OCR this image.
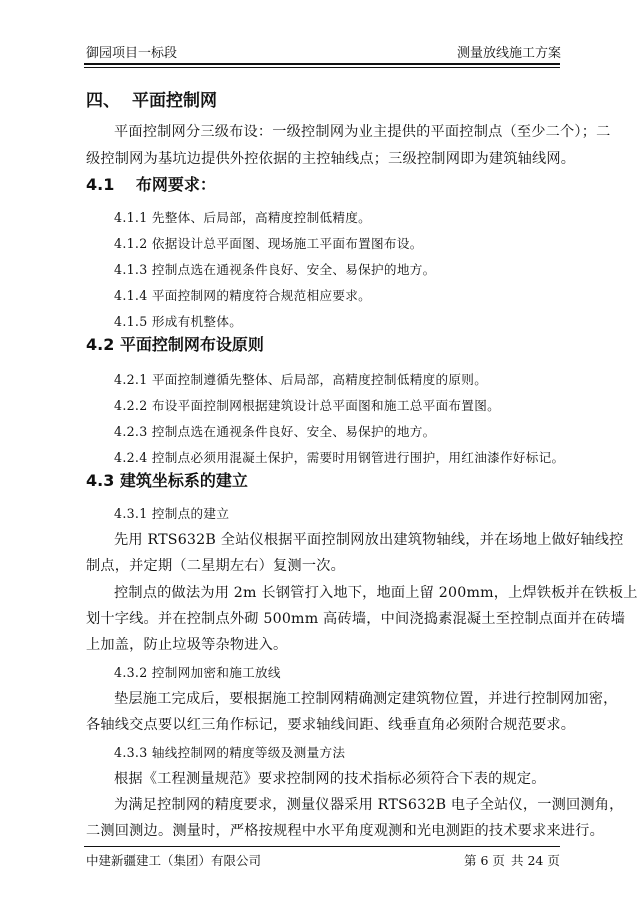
御园项目一标段	测量放线施工方案
四、 平面控制网
平面控制网分三级布设：一级控制网为业主提供的平面控制点（至少二个）；二
级控制网为基坑边提供外控依据的主控轴线点；三级控制网即为建筑轴线网。
4.1　 布网要求：
4.1.1 先整体、后局部，高精度控制低精度。
4.1.2 依据设计总平面图、现场施工平面布置图布设。
4.1.3 控制点选在通视条件良好、安全、易保护的地方。
4.1.4 平面控制网的精度符合规范相应要求。
4.1.5 形成有机整体。
4.2 平面控制网布设原则
4.2.1 平面控制遵循先整体、后局部，高精度控制低精度的原则。
4.2.2 布设平面控制网根据建筑设计总平面图和施工总平面布置图。
4.2.3 控制点选在通视条件良好、安全、易保护的地方。
4.2.4 控制点必须用混凝土保护，需要时用钢管进行围护，用红油漆作好标记。
4.3 建筑坐标系的建立
4.3.1 控制点的建立
先用 RTS632B 全站仪根据平面控制网放出建筑物轴线，并在场地上做好轴线控
制点，并定期（二星期左右）复测一次。
控制点的做法为用 2m 长钢管打入地下，地面上留 200mm，上焊铁板并在铁板上
划十字线。并在控制点外砌 500mm 高砖墙，中间浇捣素混凝土至控制点面并在砖墙
上加盖，防止垃圾等杂物进入。
4.3.2 控制网加密和施工放线
垫层施工完成后，要根据施工控制网精确测定建筑物位置，并进行控制网加密，
各轴线交点要以红三角作标记，要求轴线间距、线垂直角必须附合规范要求。
4.3.3 轴线控制网的精度等级及测量方法
根据《工程测量规范》要求控制网的技术指标必须符合下表的规定。
为满足控制网的精度要求，测量仪器采用 RTS632B 电子全站仪，一测回测角，
二测回测边。测量时，严格按规程中水平角度观测和光电测距的技术要求来进行。
中建新疆建工（集团）有限公司	第 6 页 共 24 页
